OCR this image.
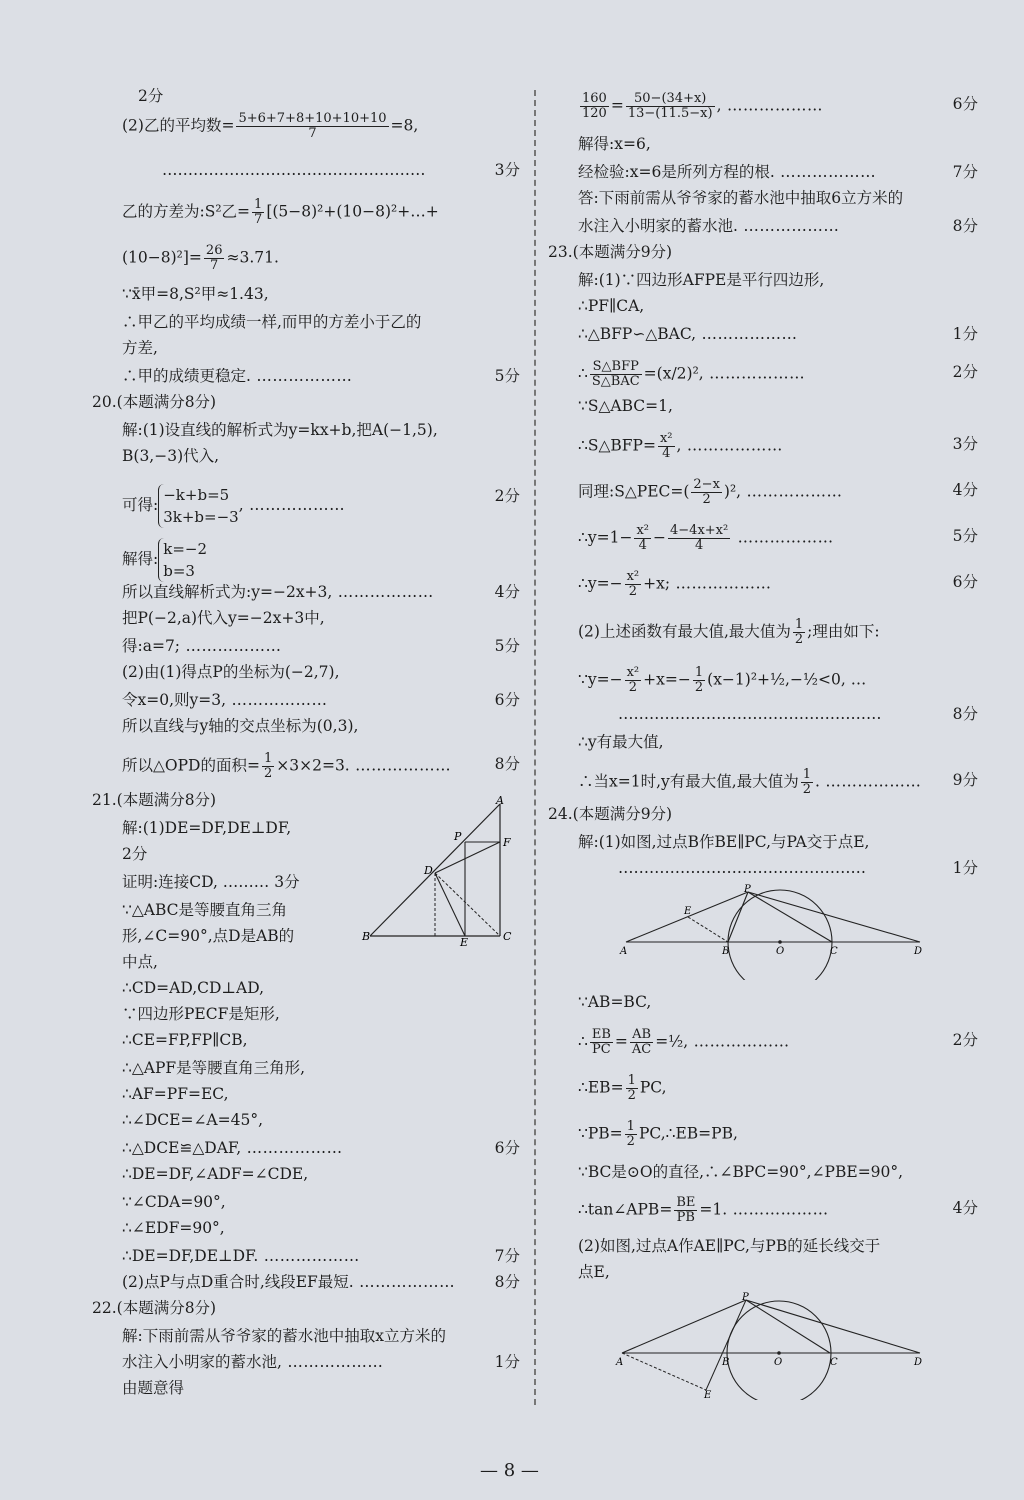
2分
(2)乙的平均数= $\frac{5+6+7+8+10+10+10}{7} =8$,
……………………………………………	3分
乙的方差为:S²乙= $\frac{1}{7}$ [(5−8)²+(10−8)²+…+
$(10-8)^2]= \frac{26}{7} \approx 3.71$.
∵x̄甲=8,S²甲≈1.43,
∴甲乙的平均成绩一样,而甲的方差小于乙的
方差,
∴甲的成绩更稳定. ………………	5分
20.(本题满分8分)
解:(1)设直线的解析式为y=kx+b,把A(−1,5),
B(3,−3)代入,
可得:
−k+b=5
3k+b=−3
, ………………	2分
解得:
k=−2
b=3
所以直线解析式为:y=−2x+3, ………………	4分
把P(−2,a)代入y=−2x+3中,
得:a=7; ………………	5分
(2)由(1)得点P的坐标为(−2,7),
令x=0,则y=3, ………………	6分
所以直线与y轴的交点坐标为(0,3),
所以△OPD的面积= $\frac{1}{2} \times 3\times 2=3$. ………………	8分
21.(本题满分8分)
解:(1)DE=DF,DE⊥DF,
2分
证明:连接CD, ……… 3分
∵△ABC是等腰直角三角
形,∠C=90°,点D是AB的
中点,
∴CD=AD,CD⊥AD,
∵四边形PECF是矩形,
∴CE=FP,FP∥CB,
∴△APF是等腰直角三角形,
∴AF=PF=EC,
∴∠DCE=∠A=45°,
∴△DCE≌△DAF, ………………	6分
∴DE=DF,∠ADF=∠CDE,
∵∠CDA=90°,
∴∠EDF=90°,
∴DE=DF,DE⊥DF. ………………	7分
(2)点P与点D重合时,线段EF最短. ………………	8分
22.(本题满分8分)
解:下雨前需从爷爷家的蓄水池中抽取x立方米的
水注入小明家的蓄水池, ………………	1分
由题意得
$\frac{160}{120} = \frac{50-(34+x)}{13-(11.5-x)}$ , ………………	6分
解得:x=6,
经检验:x=6是所列方程的根. ………………	7分
答:下雨前需从爷爷家的蓄水池中抽取6立方米的
水注入小明家的蓄水池. ………………	8分
23.(本题满分9分)
解:(1)∵四边形AFPE是平行四边形,
∴PF∥CA,
∴△BFP∽△BAC, ………………	1分
∴ $\frac{\text{S△BFP}}{\text{S△BAC}} =(x/2)^2$, ………………	2分
∵S△ABC=1,
∴S△BFP= $\frac{\text{x²}}{4}$ , ………………	3分
同理:S△PEC=( $\frac{2-x}{2} )^2$, ………………	4分
∴y=1− $\frac{\text{x²}}{4} - \frac{\text{4−4x+x²}}{4}$ ………………	5分
∴y=− $\frac{\text{x²}}{2} +x$; ………………	6分
(2)上述函数有最大值,最大值为 $\frac{1}{2}$ ;理由如下:
∵y=− $\frac{\text{x²}}{2} +x=- \frac{1}{2}$ (x−1)²+½,−½<0, …
……………………………………………	8分
∴y有最大值,
∴当x=1时,y有最大值,最大值为 $\frac{1}{2}$ . ……………… 9分
24.(本题满分9分)
解:(1)如图,过点B作BE∥PC,与PA交于点E,
…………………………………………	1分
∵AB=BC,
∴ $\frac{EB}{PC} = \frac{AB}{AC}$ =½, ………………	2分
∴EB= $\frac{1}{2}$ PC,
∵PB= $\frac{1}{2}$ PC,∴EB=PB,
∵BC是⊙O的直径,∴∠BPC=90°,∠PBE=90°,
∴tan∠APB= $\frac{BE}{PB} =1$. ………………	4分
(2)如图,过点A作AE∥PC,与PB的延长线交于
点E,
A
P	F
D
B	E	C
P
E
A	B	O	C	D
P
A	B	O	C	D
E
— 8 —
